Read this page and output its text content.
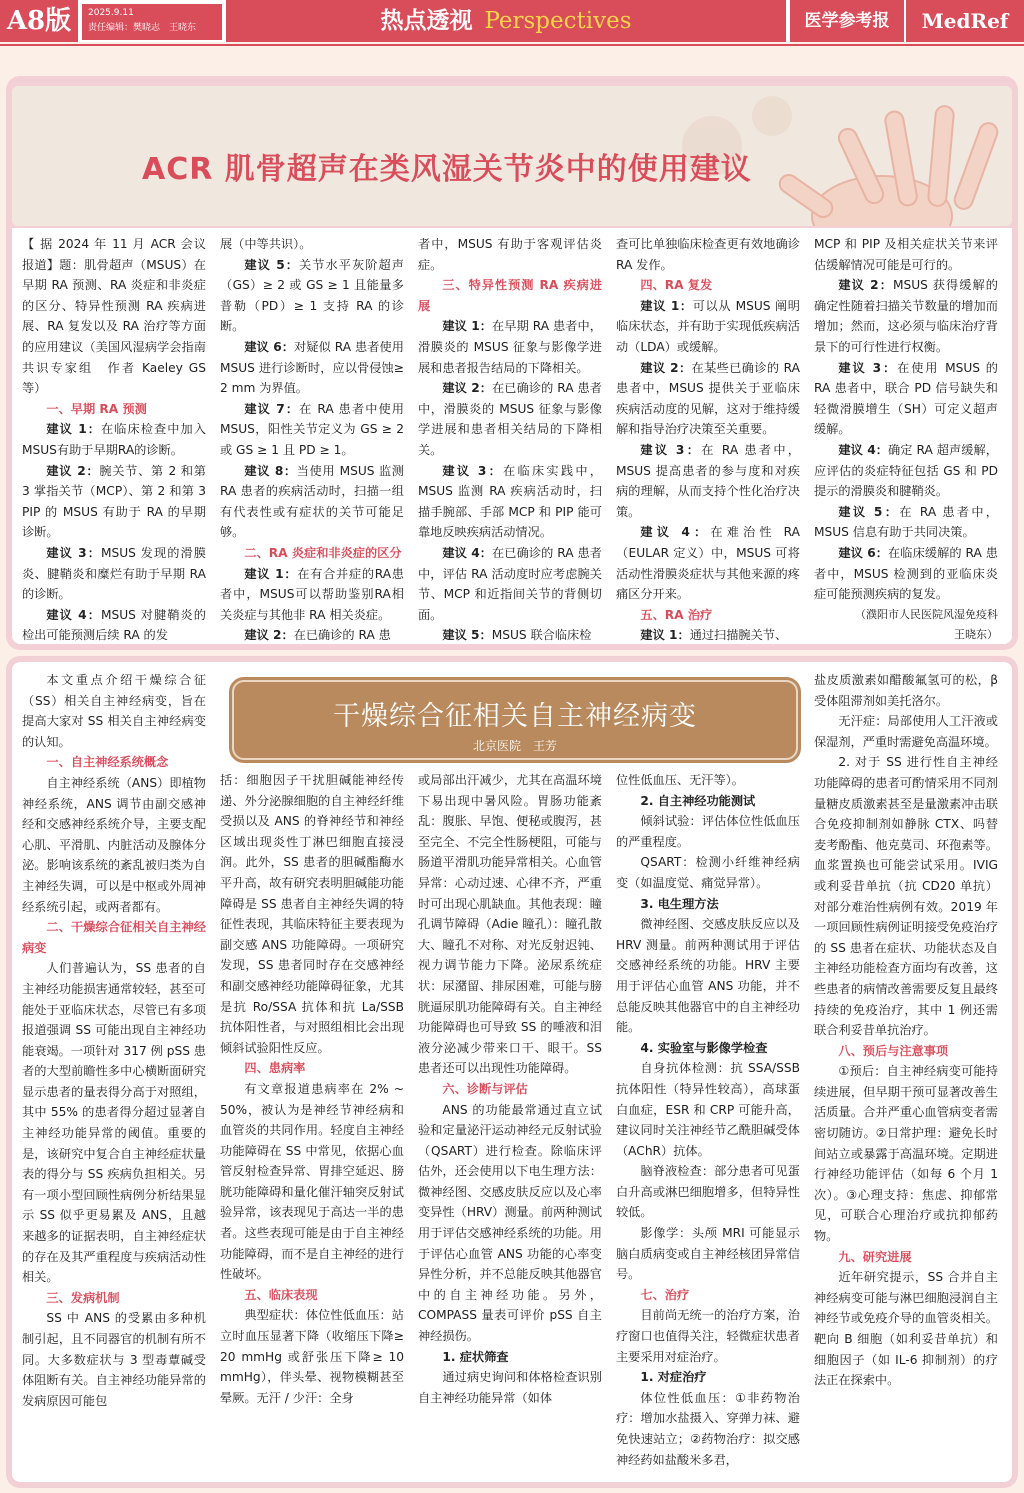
A8版	2025.9.11
责任编辑：樊晓志　王晓东	热点透视 Perspectives	医学参考报	MedRef
ACR 肌骨超声在类风湿关节炎中的使用建议

【 据 2024 年 11 月 ACR 会议报道】题：肌骨超声（MSUS）在早期 RA 预测、RA 炎症和非炎症的区分、特异性预测 RA 疾病进展、RA 复发以及 RA 治疗等方面的应用建议（美国风湿病学会指南共识专家组　作者 Kaeley GS 等）

一、早期 RA 预测

建议 1：在临床检查中加入MSUS有助于早期RA的诊断。

建议 2：腕关节、第 2 和第 3 掌指关节（MCP）、第 2 和第 3 PIP 的 MSUS 有助于 RA 的早期诊断。

建议 3：MSUS 发现的滑膜炎、腱鞘炎和糜烂有助于早期 RA 的诊断。

建议 4：MSUS 对腱鞘炎的检出可能预测后续 RA 的发

展（中等共识）。

建议 5：关节水平灰阶超声（GS）≥ 2 或 GS ≥ 1 且能量多普勒（PD）≥ 1 支持 RA 的诊断。

建议 6：对疑似 RA 患者使用 MSUS 进行诊断时，应以骨侵蚀≥ 2 mm 为界值。

建议 7：在 RA 患者中使用 MSUS，阳性关节定义为 GS ≥ 2 或 GS ≥ 1 且 PD ≥ 1。

建议 8：当使用 MSUS 监测 RA 患者的疾病活动时，扫描一组有代表性或有症状的关节可能足够。

二、RA 炎症和非炎症的区分

建议 1：在有合并症的RA患者中，MSUS可以帮助鉴别RA相关炎症与其他非 RA 相关炎症。

建议 2：在已确诊的 RA 患

者中，MSUS 有助于客观评估炎症。

三、特异性预测 RA 疾病进展

建议 1：在早期 RA 患者中，滑膜炎的 MSUS 征象与影像学进展和患者报告结局的下降相关。

建议 2：在已确诊的 RA 患者中，滑膜炎的 MSUS 征象与影像学进展和患者相关结局的下降相关。

建议 3：在临床实践中，MSUS 监测 RA 疾病活动时，扫描手腕部、手部 MCP 和 PIP 能可靠地反映疾病活动情况。

建议 4：在已确诊的 RA 患者中，评估 RA 活动度时应考虑腕关节、MCP 和近指间关节的背侧切面。

建议 5：MSUS 联合临床检

查可比单独临床检查更有效地确诊 RA 发作。

四、RA 复发

建议 1：可以从 MSUS 阐明临床状态，并有助于实现低疾病活动（LDA）或缓解。

建议 2：在某些已确诊的 RA 患者中，MSUS 提供关于亚临床疾病活动度的见解，这对于维持缓解和指导治疗决策至关重要。

建议 3：在 RA 患者中，MSUS 提高患者的参与度和对疾病的理解，从而支持个性化治疗决策。

建议 4：在难治性 RA（EULAR 定义）中，MSUS 可将活动性滑膜炎症状与其他来源的疼痛区分开来。

五、RA 治疗

建议 1：通过扫描腕关节、

MCP 和 PIP 及相关症状关节来评估缓解情况可能是可行的。

建议 2：MSUS 获得缓解的确定性随着扫描关节数量的增加而增加；然而，这必须与临床治疗背景下的可行性进行权衡。

建议 3：在使用 MSUS 的 RA 患者中，联合 PD 信号缺失和轻微滑膜增生（SH）可定义超声缓解。

建议 4：确定 RA 超声缓解，应评估的炎症特征包括 GS 和 PD 提示的滑膜炎和腱鞘炎。

建议 5：在 RA 患者中，MSUS 信息有助于共同决策。

建议 6：在临床缓解的 RA 患者中，MSUS 检测到的亚临床炎症可能预测疾病的复发。

（濮阳市人民医院风湿免疫科　王晓东）

干燥综合征相关自主神经病变
北京医院　王芳

本文重点介绍干燥综合征（SS）相关自主神经病变，旨在提高大家对 SS 相关自主神经病变的认知。

一、自主神经系统概念

自主神经系统（ANS）即植物神经系统，ANS 调节由副交感神经和交感神经系统介导，主要支配心肌、平滑肌、内脏活动及腺体分泌。影响该系统的紊乱被归类为自主神经失调，可以是中枢或外周神经系统引起，或两者都有。

二、干燥综合征相关自主神经病变

人们普遍认为，SS 患者的自主神经功能损害通常较轻，甚至可能处于亚临床状态，尽管已有多项报道强调 SS 可能出现自主神经功能衰竭。一项针对 317 例 pSS 患者的大型前瞻性多中心横断面研究显示患者的量表得分高于对照组，其中 55% 的患者得分超过显著自主神经功能异常的阈值。重要的是，该研究中复合自主神经症状量表的得分与 SS 疾病负担相关。另有一项小型回顾性病例分析结果显示 SS 似乎更易累及 ANS，且越来越多的证据表明，自主神经症状的存在及其严重程度与疾病活动性相关。

三、发病机制

SS 中 ANS 的受累由多种机制引起，且不同器官的机制有所不同。大多数症状与 3 型毒蕈碱受体阻断有关。自主神经功能异常的发病原因可能包

括：细胞因子干扰胆碱能神经传递、外分泌腺细胞的自主神经纤维受损以及 ANS 的脊神经节和神经区域出现炎性丁淋巴细胞直接浸润。此外，SS 患者的胆碱酯酶水平升高，故有研究表明胆碱能功能障碍是 SS 患者自主神经失调的特征性表现，其临床特征主要表现为副交感 ANS 功能障碍。一项研究发现，SS 患者同时存在交感神经和副交感神经功能障碍征象，尤其是抗 Ro/SSA 抗体和抗 La/SSB 抗体阳性者，与对照组相比会出现倾斜试验阳性反应。

四、患病率

有文章报道患病率在 2% ~ 50%，被认为是神经节神经病和血管炎的共同作用。轻度自主神经功能障碍在 SS 中常见，依据心血管反射检查异常、胃排空延迟、膀胱功能障碍和量化催汗轴突反射试验异常，该表现见于高达一半的患者。这些表现可能是由于自主神经功能障碍，而不是自主神经的进行性破坏。

五、临床表现

典型症状：体位性低血压：站立时血压显著下降（收缩压下降≥ 20 mmHg 或舒张压下降≥ 10 mmHg），伴头晕、视物模糊甚至晕厥。无汗 / 少汗：全身

或局部出汗减少，尤其在高温环境下易出现中暑风险。胃肠功能紊乱：腹胀、早饱、便秘或腹泻，甚至完全、不完全性肠梗阻，可能与肠道平滑肌功能异常相关。心血管异常：心动过速、心律不齐，严重时可出现心肌缺血。其他表现：瞳孔调节障碍（Adie 瞳孔）：瞳孔散大、瞳孔不对称、对光反射迟钝、视力调节能力下降。泌尿系统症状：尿潴留、排尿困难，可能与膀胱逼尿肌功能障碍有关。自主神经功能障碍也可导致 SS 的唾液和泪液分泌减少带来口干、眼干。SS 患者还可以出现性功能障碍。

六、诊断与评估

ANS 的功能最常通过直立试验和定量泌汗运动神经元反射试验（QSART）进行检查。除临床评估外，还会使用以下电生理方法：微神经图、交感皮肤反应以及心率变异性（HRV）测量。前两种测试用于评估交感神经系统的功能。用于评估心血管 ANS 功能的心率变异性分析，并不总能反映其他器官中的自主神经功能。另外，COMPASS 量表可评价 pSS 自主神经损伤。

1. 症状筛查

通过病史询问和体格检查识别自主神经功能异常（如体

位性低血压、无汗等）。

2. 自主神经功能测试

倾斜试验：评估体位性低血压的严重程度。

QSART：检测小纤维神经病变（如温度觉、痛觉异常）。

3. 电生理方法

微神经图、交感皮肤反应以及 HRV 测量。前两种测试用于评估交感神经系统的功能。HRV 主要用于评估心血管 ANS 功能，并不总能反映其他器官中的自主神经功能。

4. 实验室与影像学检查

自身抗体检测：抗 SSA/SSB 抗体阳性（特异性较高），高球蛋白血症，ESR 和 CRP 可能升高，建议同时关注神经节乙酰胆碱受体（AChR）抗体。

脑脊液检查：部分患者可见蛋白升高或淋巴细胞增多，但特异性较低。

影像学：头颅 MRI 可能显示脑白质病变或自主神经核团异常信号。

七、治疗

目前尚无统一的治疗方案，治疗窗口也值得关注，轻微症状患者主要采用对症治疗。

1. 对症治疗

体位性低血压：①非药物治疗：增加水盐摄入、穿弹力袜、避免快速站立；②药物治疗：拟交感神经药如盐酸米多君，

盐皮质激素如醋酸氟氢可的松，β 受体阻滞剂如美托洛尔。

无汗症：局部使用人工汗液或保湿剂，严重时需避免高温环境。

2. 对于 SS 进行性自主神经功能障碍的患者可酌情采用不同剂量糖皮质激素甚至是量激素冲击联合免疫抑制剂如静脉 CTX、吗替麦考酚酯、他克莫司、环孢素等。血浆置换也可能尝试采用。IVIG 或利妥昔单抗（抗 CD20 单抗）对部分难治性病例有效。2019 年一项回顾性病例证明接受免疫治疗的 SS 患者在症状、功能状态及自主神经功能检查方面均有改善，这些患者的病情改善需要反复且最终持续的免疫治疗，其中 1 例还需联合利妥昔单抗治疗。

八、预后与注意事项

①预后：自主神经病变可能持续进展，但早期干预可显著改善生活质量。合并严重心血管病变者需密切随访。②日常护理：避免长时间站立或暴露于高温环境。定期进行神经功能评估（如每 6 个月 1 次）。③心理支持：焦虑、抑郁常见，可联合心理治疗或抗抑郁药物。

九、研究进展

近年研究提示，SS 合并自主神经病变可能与淋巴细胞浸润自主神经节或免疫介导的血管炎相关。靶向 B 细胞（如利妥昔单抗）和细胞因子（如 IL-6 抑制剂）的疗法正在探索中。
